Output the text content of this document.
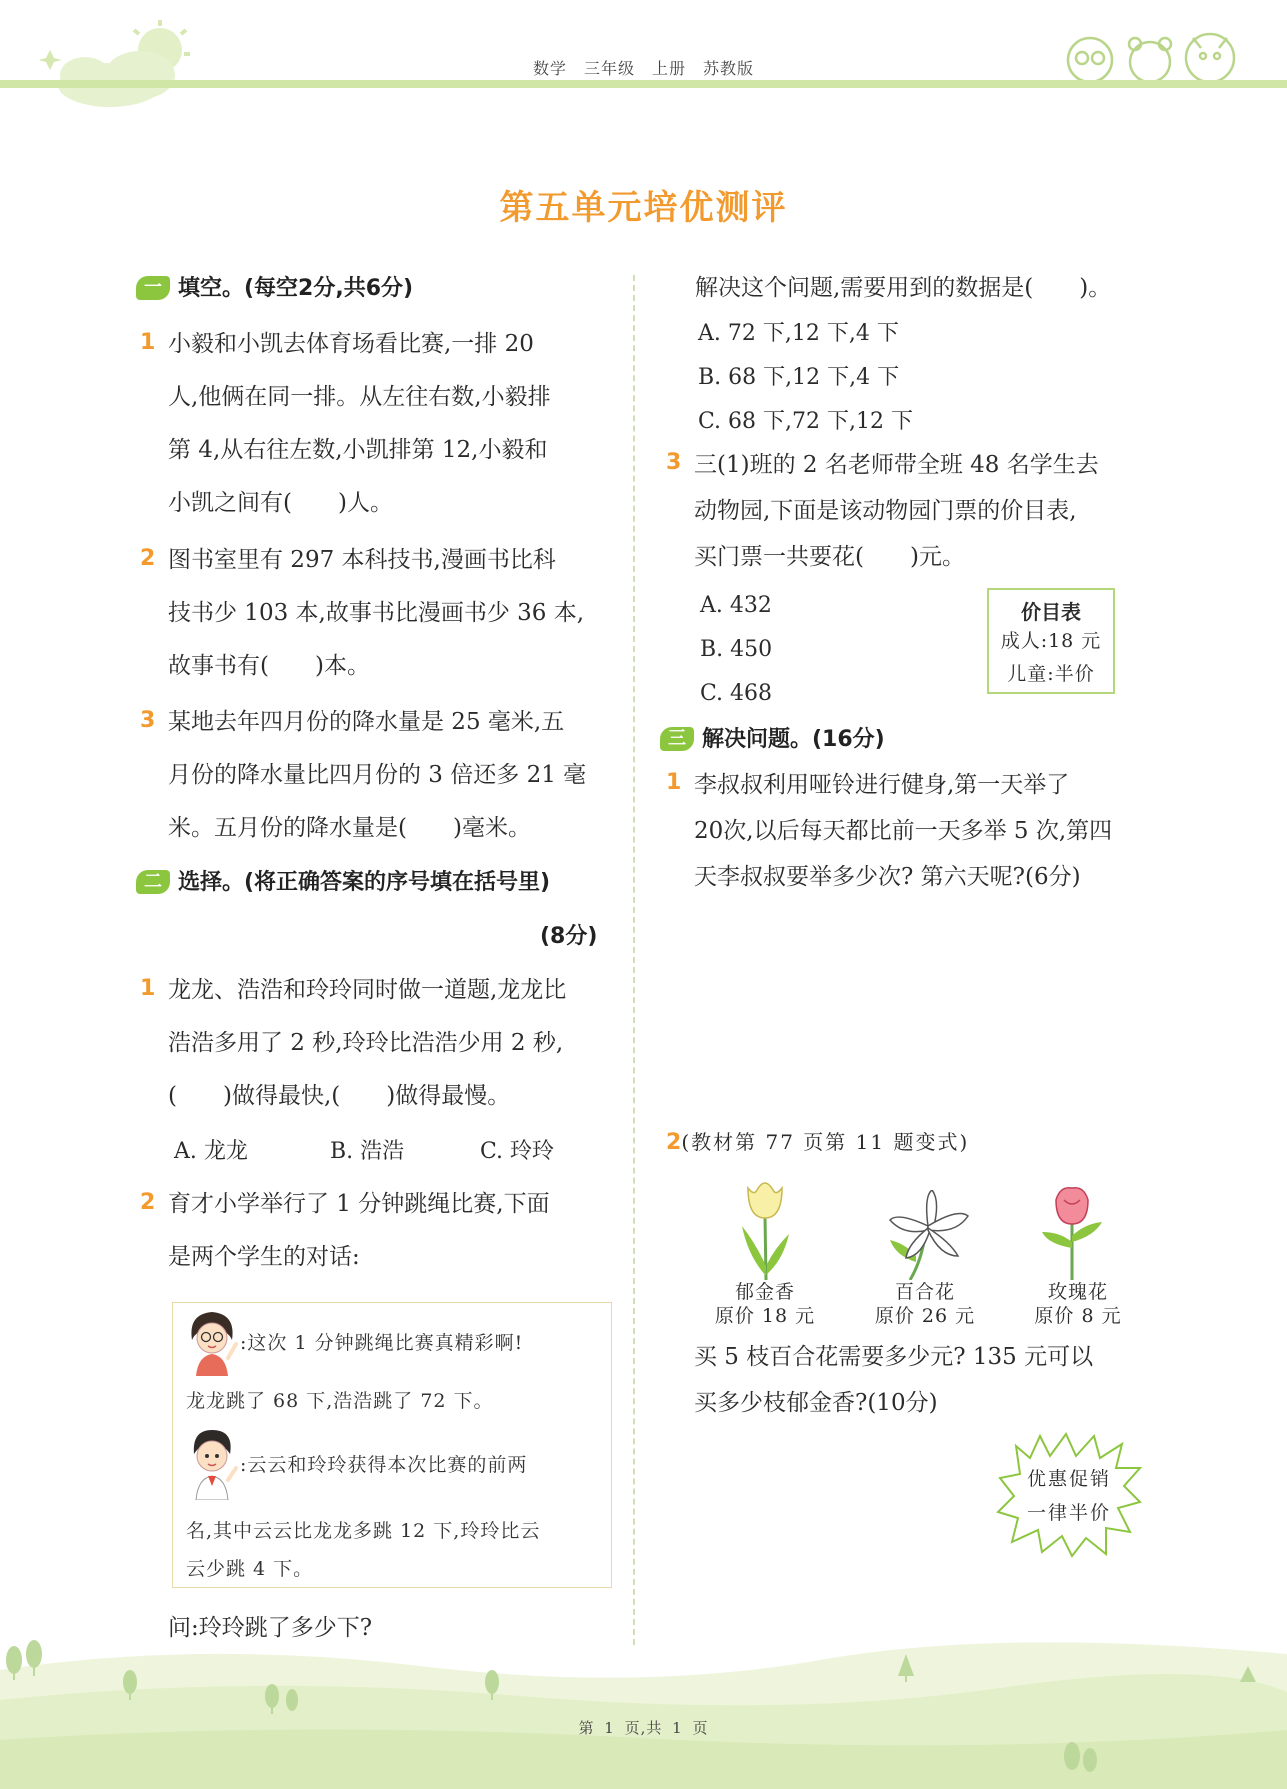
数学　三年级　上册　苏教版
第五单元培优测评
一 填空。(每空2分,共6分)
1 小毅和小凯去体育场看比赛,一排 20
人,他俩在同一排。从左往右数,小毅排
第 4,从右往左数,小凯排第 12,小毅和
小凯之间有(　　)人。
2 图书室里有 297 本科技书,漫画书比科
技书少 103 本,故事书比漫画书少 36 本,
故事书有(　　)本。
3 某地去年四月份的降水量是 25 毫米,五
月份的降水量比四月份的 3 倍还多 21 毫
米。五月份的降水量是(　　)毫米。
二 选择。(将正确答案的序号填在括号里)
(8分)
1 龙龙、浩浩和玲玲同时做一道题,龙龙比
浩浩多用了 2 秒,玲玲比浩浩少用 2 秒,
(　　)做得最快,(　　)做得最慢。
A. 龙龙	B. 浩浩	C. 玲玲
2 育才小学举行了 1 分钟跳绳比赛,下面
是两个学生的对话:
:这次 1 分钟跳绳比赛真精彩啊!
龙龙跳了 68 下,浩浩跳了 72 下。
:云云和玲玲获得本次比赛的前两
名,其中云云比龙龙多跳 12 下,玲玲比云
云少跳 4 下。
问:玲玲跳了多少下?
解决这个问题,需要用到的数据是(　　)。
A. 72 下,12 下,4 下
B. 68 下,12 下,4 下
C. 68 下,72 下,12 下
3 三(1)班的 2 名老师带全班 48 名学生去
动物园,下面是该动物园门票的价目表,
买门票一共要花(　　)元。
A. 432
B. 450
C. 468
价目表
成人:18 元
儿童:半价
三 解决问题。(16分)
1 李叔叔利用哑铃进行健身,第一天举了
20次,以后每天都比前一天多举 5 次,第四
天李叔叔要举多少次? 第六天呢?(6分)
2(教材第 77 页第 11 题变式)
郁金香
原价 18 元
百合花
原价 26 元
玫瑰花
原价 8 元
买 5 枝百合花需要多少元? 135 元可以
买多少枝郁金香?(10分)
优惠促销
一律半价
第 1 页,共 1 页
